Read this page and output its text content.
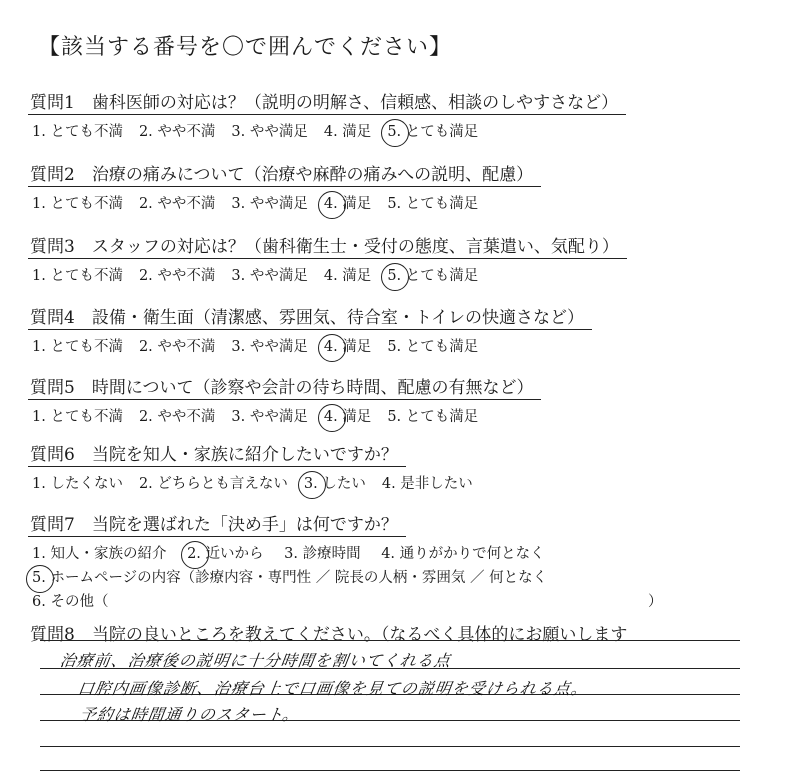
【該当する番号を〇で囲んでください】
質問1　歯科医師の対応は？（説明の明解さ、信頼感、相談のしやすさなど）
1. とても不満 2. やや不満 3. やや満足 4. 満足 5. とても満足
質問2　治療の痛みについて（治療や麻酔の痛みへの説明、配慮）
1. とても不満 2. やや不満 3. やや満足 4. 満足 5. とても満足
質問3　スタッフの対応は？（歯科衛生士・受付の態度、言葉遣い、気配り）
1. とても不満 2. やや不満 3. やや満足 4. 満足 5. とても満足
質問4　設備・衛生面（清潔感、雰囲気、待合室・トイレの快適さなど）
1. とても不満 2. やや不満 3. やや満足 4. 満足 5. とても満足
質問5　時間について（診察や会計の待ち時間、配慮の有無など）
1. とても不満 2. やや不満 3. やや満足 4. 満足 5. とても満足
質問6　当院を知人・家族に紹介したいですか？
1. したくない 2. どちらとも言えない 3. したい 4. 是非したい
質問7　当院を選ばれた「決め手」は何ですか？
1. 知人・家族の紹介 2. 近いから 3. 診療時間 4. 通りがかりで何となく
5. ホームページの内容（診療内容・専門性 ／ 院長の人柄・雰囲気 ／ 何となく
6. その他（	）
質問8　当院の良いところを教えてください。（なるべく具体的にお願いします
治療前、治療後の説明に十分時間を割いてくれる点
口腔内画像診断、治療台上で口画像を見ての説明を受けられる点。
予約は時間通りのスタート。
